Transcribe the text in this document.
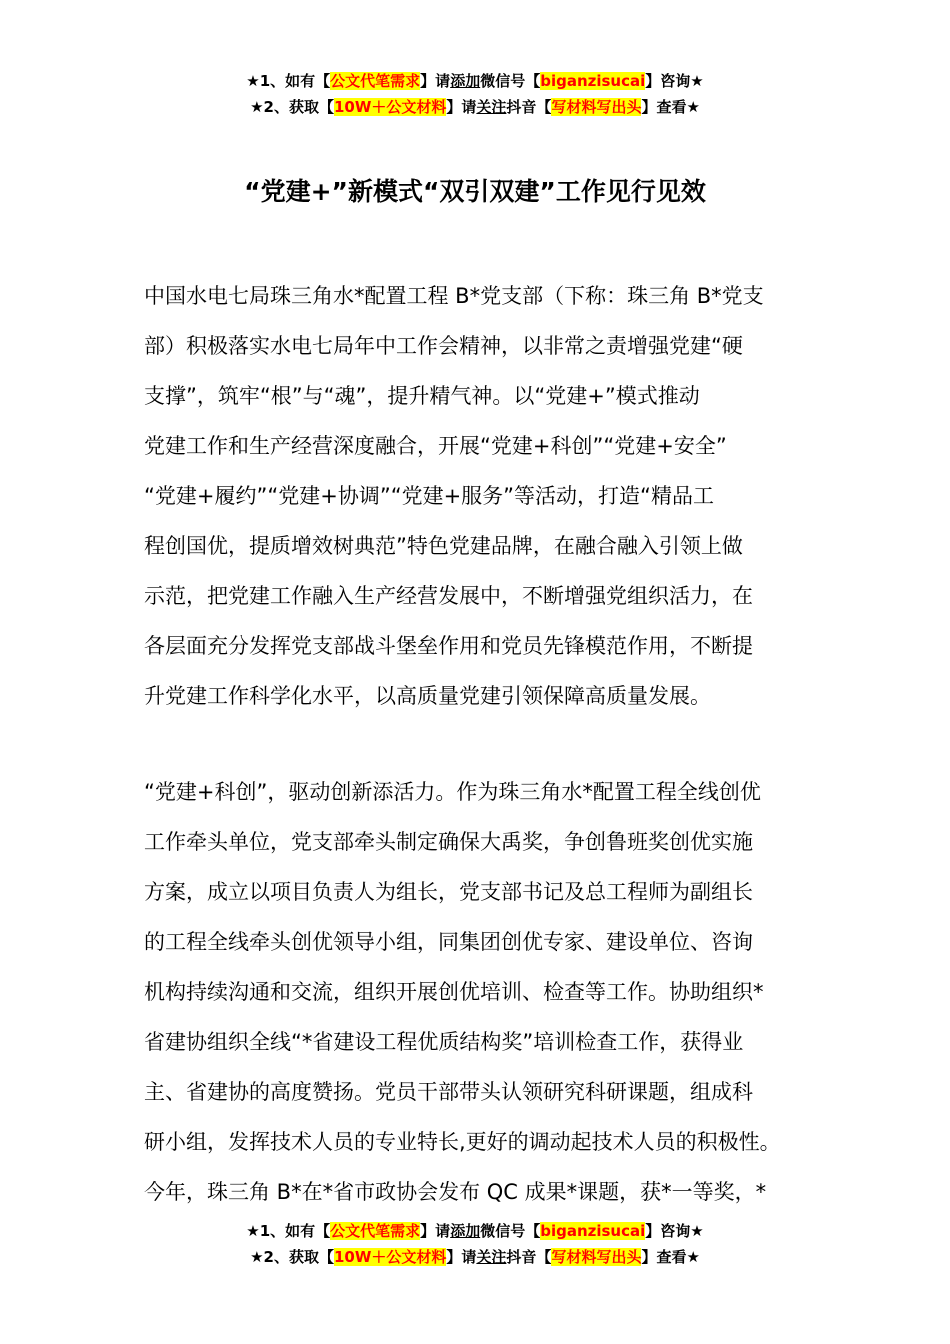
★1、如有【公文代笔需求】请添加微信号【biganzisucai】咨询★
★2、获取【10W＋公文材料】请关注抖音【写材料写出头】查看★
“党建+”新模式“双引双建”工作见行见效
中国水电七局珠三角水*配置工程 B*党支部（下称：珠三角 B*党支
部）积极落实水电七局年中工作会精神，以非常之责增强党建“硬
支撑”，筑牢“根”与“魂”，提升精气神。以“党建+”模式推动
党建工作和生产经营深度融合，开展“党建+科创”“党建+安全”
“党建+履约”“党建+协调”“党建+服务”等活动，打造“精品工
程创国优，提质增效树典范”特色党建品牌，在融合融入引领上做
示范，把党建工作融入生产经营发展中，不断增强党组织活力，在
各层面充分发挥党支部战斗堡垒作用和党员先锋模范作用，不断提
升党建工作科学化水平，以高质量党建引领保障高质量发展。
“党建+科创”，驱动创新添活力。作为珠三角水*配置工程全线创优
工作牵头单位，党支部牵头制定确保大禹奖，争创鲁班奖创优实施
方案，成立以项目负责人为组长，党支部书记及总工程师为副组长
的工程全线牵头创优领导小组，同集团创优专家、建设单位、咨询
机构持续沟通和交流，组织开展创优培训、检查等工作。协助组织*
省建协组织全线“*省建设工程优质结构奖”培训检查工作，获得业
主、省建协的高度赞扬。党员干部带头认领研究科研课题，组成科
研小组，发挥技术人员的专业特长,更好的调动起技术人员的积极性。
今年，珠三角 B*在*省市政协会发布 QC 成果*课题，获*一等奖，*
★1、如有【公文代笔需求】请添加微信号【biganzisucai】咨询★
★2、获取【10W＋公文材料】请关注抖音【写材料写出头】查看★
